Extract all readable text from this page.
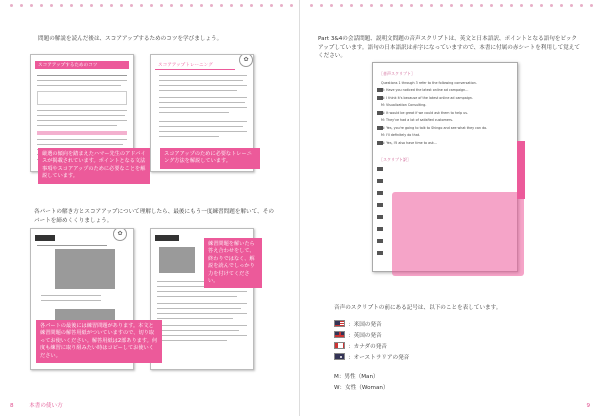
問題の解説を読んだ後は、スコアアップするためのコツを学びましょう。
スコアアップするためのコツ
✿
スコアアップトレーニング
厳選の傾向を踏まえたハマー先生のアドバイスが掲載されています。ポイントとなる文法事項やスコアアップのために必要なことを解説しています。
スコアアップのために必要なトレーニング方法を解説しています。
各パートの解き方とスコアアップについて理解したら、最後にもう一度練習問題を解いて、そのパートを締めくくりましょう。
✿
練習問題を解いたら答え合わせをして、終わりではなく、解説を読んでしっかり力を付けてください。
各パートの最後には練習問題があります。本文と練習問題の解答用紙がついていますので、切り取ってお使いください。解答用紙は2部あります。何度も練習に取り組みたい時はコピーしてお使いください。
8	本書の使い方
Part 3&4の会話問題、説明文問題の音声スクリプトは、英文と日本語訳、ポイントとなる語句をピックアップしています。語句の日本語訳は赤字になっていますので、本書に付属の赤シートを利用して覚えてください。
音声のスクリプトの前にある記号は、以下のことを表しています。
：米国の発音
：英国の発音
：カナダの発音
：オーストラリアの発音
M：男性（Man）
W：女性（Woman）
9
［音声スクリプト］
Questions 1 through 3 refer to the following conversation.
M: Have you noticed the latest online ad campaign...
W: I think it's because of the latest online ad campaign.
M: Visualization Consulting.
W: It would be great if we could ask them to help us.
M: They've had a lot of satisfied customers.
W: Yes, you're going to talk to Shingo and see what they can do.
M: I'll definitely do that.
W: Yes, I'll also have time to ask...
［スクリプト訳］
